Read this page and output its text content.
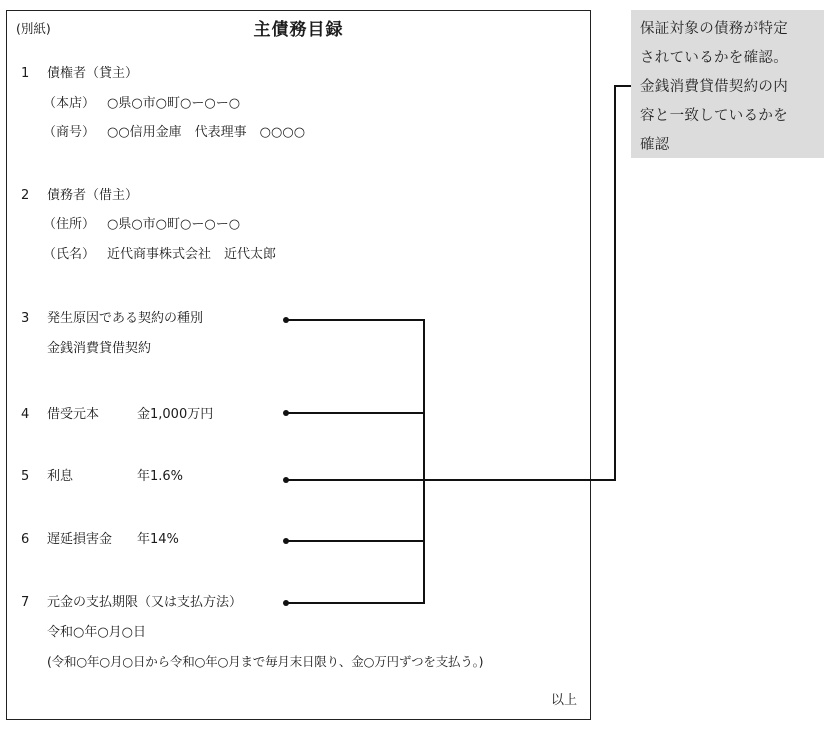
(別紙)	主債務目録
1 債権者（貸主）
（本店） ○県○市○町○ー○ー○
（商号） ○○信用金庫　代表理事　○○○○
2 債務者（借主）
（住所） ○県○市○町○ー○ー○
（氏名） 近代商事株式会社　近代太郎
3 発生原因である契約の種別
金銭消費貸借契約
4 借受元本	金1,000万円
5 利息	年1.6%
6 遅延損害金 年14%
7 元金の支払期限（又は支払方法）
令和○年○月○日
(令和○年○月○日から令和○年○月まで毎月末日限り、金○万円ずつを支払う。)
以上
保証対象の債務が特定
されているかを確認。
金銭消費貸借契約の内
容と一致しているかを
確認
